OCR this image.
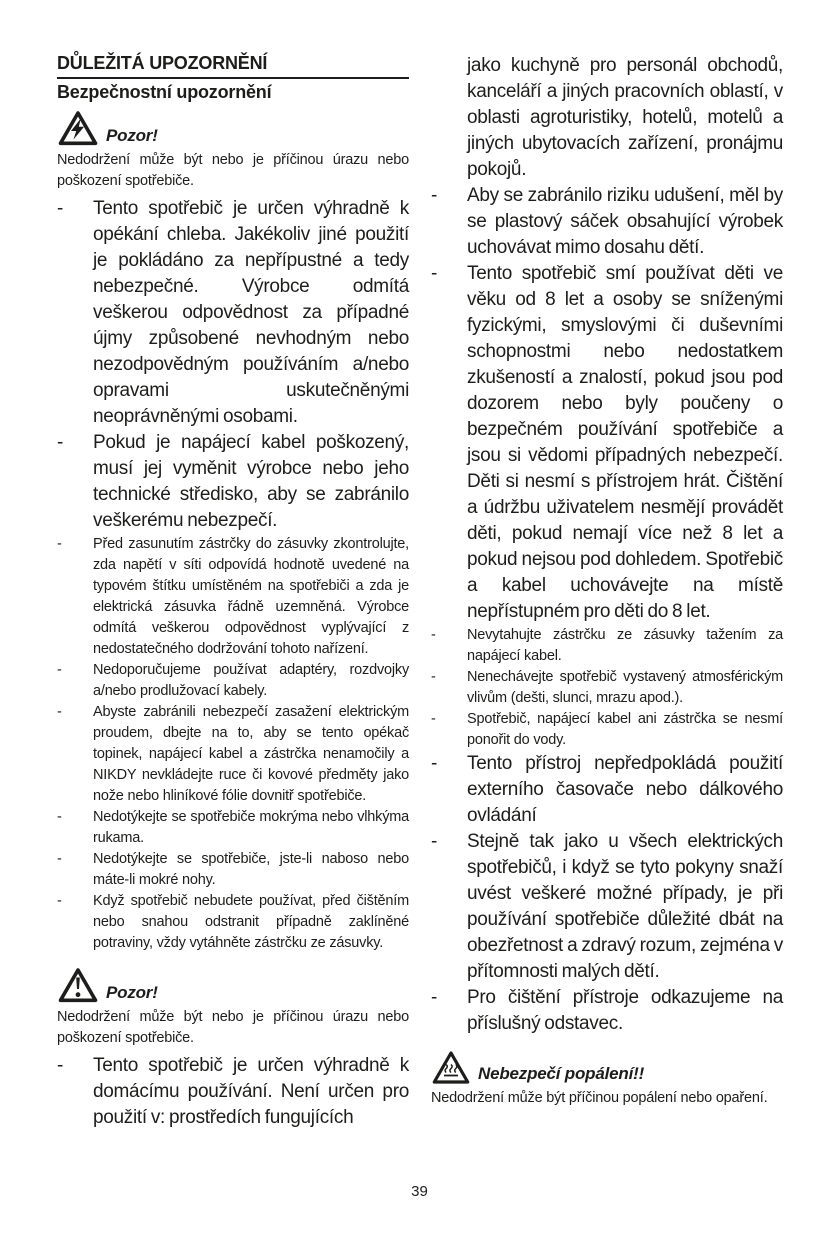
DŮLEŽITÁ UPOZORNĚNÍ
Bezpečnostní upozornění
Pozor!

Nedodržení může být nebo je příčinou úrazu nebo poškození spotřebiče.

-	Tento spotřebič je určen výhradně k opékání chleba. Jakékoliv jiné použití je pokládáno za nepřípustné a tedy nebezpečné. Výrobce odmítá veškerou odpovědnost za případné újmy způsobené nevhodným nebo nezodpovědným používáním a/nebo opravami uskutečněnými neoprávněnými osobami.
-	Pokud je napájecí kabel poškozený, musí jej vyměnit výrobce nebo jeho technické středisko, aby se zabránilo veškerému nebezpečí.
-	Před zasunutím zástrčky do zásuvky zkontrolujte, zda napětí v síti odpovídá hodnotě uvedené na typovém štítku umístěném na spotřebiči a zda je elektrická zásuvka řádně uzemněná. Výrobce odmítá veškerou odpovědnost vyplývající z nedostatečného dodržování tohoto nařízení.
-	Nedoporučujeme používat adaptéry, rozdvojky a/nebo prodlužovací kabely.
-	Abyste zabránili nebezpečí zasažení elektrickým proudem, dbejte na to, aby se tento opékač topinek, napájecí kabel a zástrčka nenamočily a NIKDY nevkládejte ruce či kovové předměty jako nože nebo hliníkové fólie dovnitř spotřebiče.
-	Nedotýkejte se spotřebiče mokrýma nebo vlhkýma rukama.
-	Nedotýkejte se spotřebiče, jste-li naboso nebo máte-li mokré nohy.
-	Když spotřebič nebudete používat, před čištěním nebo snahou odstranit případně zaklíněné potraviny, vždy vytáhněte zástrčku ze zásuvky.
Pozor!

Nedodržení může být nebo je příčinou úrazu nebo poškození spotřebiče.

-	Tento spotřebič je určen výhradně k domácímu používání. Není určen pro použití v: prostředích fungujících

jako kuchyně pro personál obchodů, kanceláří a jiných pracovních oblastí, v oblasti agroturistiky, hotelů, motelů a jiných ubytovacích zařízení, pronájmu pokojů.

-	Aby se zabránilo riziku udušení, měl by se plastový sáček obsahující výrobek uchovávat mimo dosahu dětí.
-	Tento spotřebič smí používat děti ve věku od 8 let a osoby se sníženými fyzickými, smyslovými či duševními schopnostmi nebo nedostatkem zkušeností a znalostí, pokud jsou pod dozorem nebo byly poučeny o bezpečném používání spotřebiče a jsou si vědomi případných nebezpečí. Děti si nesmí s přístrojem hrát. Čištění a údržbu uživatelem nesmějí provádět děti, pokud nemají více než 8 let a pokud nejsou pod dohledem. Spotřebič a kabel uchovávejte na místě nepřístupném pro děti do 8 let.
-	Nevytahujte zástrčku ze zásuvky tažením za napájecí kabel.
-	Nenechávejte spotřebič vystavený atmosférickým vlivům (dešti, slunci, mrazu apod.).
-	Spotřebič, napájecí kabel ani zástrčka se nesmí ponořit do vody.
-	Tento přístroj nepředpokládá použití externího časovače nebo dálkového ovládání
-	Stejně tak jako u všech elektrických spotřebičů, i když se tyto pokyny snaží uvést veškeré možné případy, je při používání spotřebiče důležité dbát na obezřetnost a zdravý rozum, zejména v přítomnosti malých dětí.
-	Pro čištění přístroje odkazujeme na příslušný odstavec.
Nebezpečí popálení!!

Nedodržení může být příčinou popálení nebo opaření.

39
